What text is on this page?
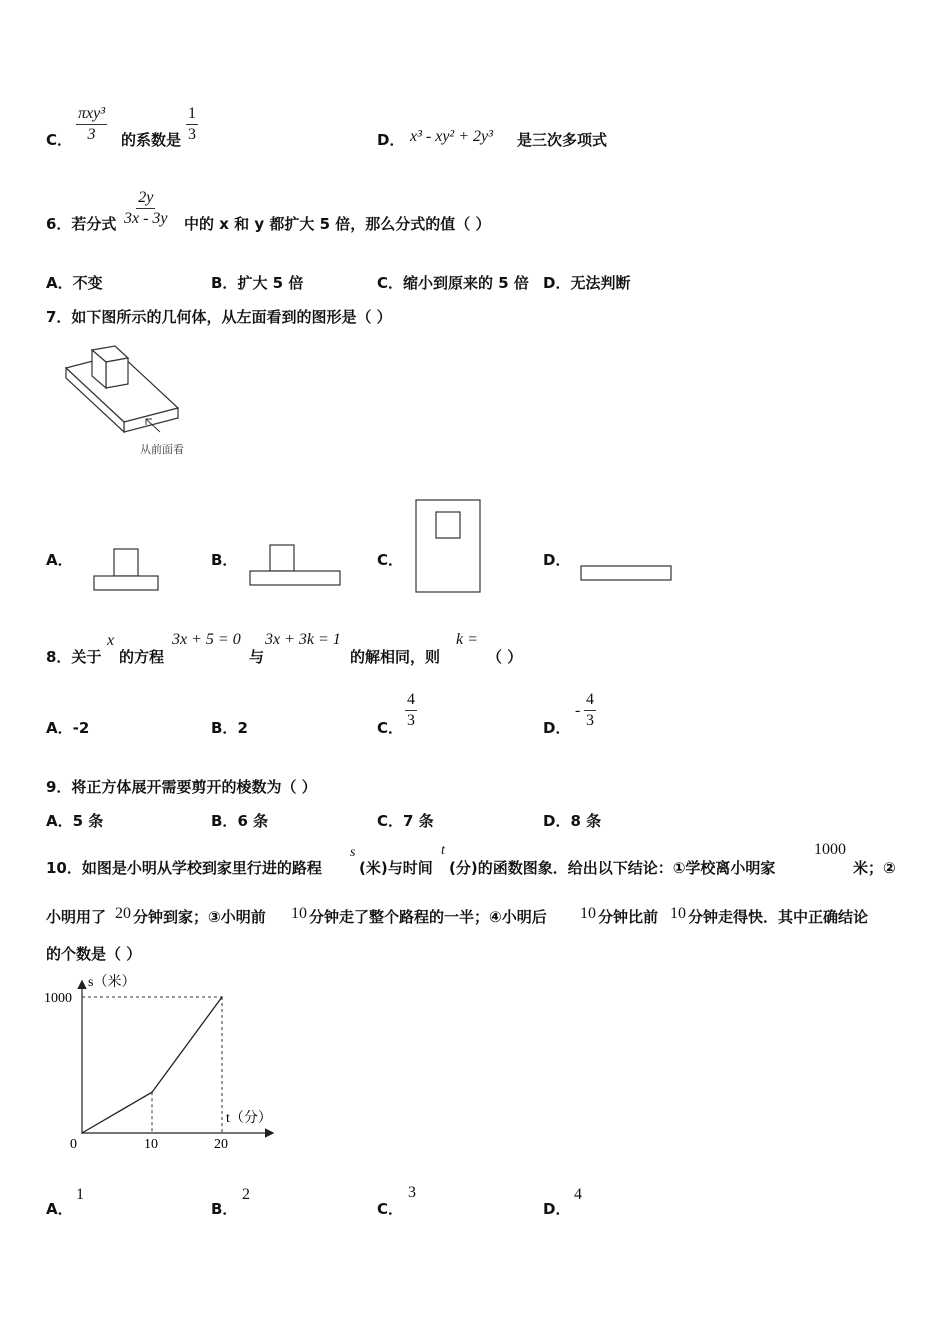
C． $\frac{\text{πxy³}}{3}$ 的系数是 $\frac{1}{3}$	D． x³ - xy² + 2y³ 是三次多项式
6．若分式 $\frac{2y}{3x - 3y}$ 中的 x 和 y 都扩大 5 倍，那么分式的值（ ）
A．不变	B．扩大 5 倍	C．缩小到原来的 5 倍 D．无法判断
7．如下图所示的几何体，从左面看到的图形是（ ）
从前面看
A．	B．	C．	D．
8．关于
x
的方程
3x + 5 = 0
与
3x + 3k = 1
的解相同，则
k =
（ ）
A．-2	B．2	C． $\frac{4}{3}$	D．
- $\frac{4}{3}$
9．将正方体展开需要剪开的棱数为（ ）
A．5 条	B．6 条	C．7 条	D．8 条
10．如图是小明从学校到家里行进的路程
s
(米)与时间
t
(分)的函数图象．给出以下结论：①学校离小明家
1000
米；②
小明用了 20 分钟到家；③小明前 10 分钟走了整个路程的一半；④小明后 10 分钟比前 10 分钟走得快．其中正确结论
的个数是（ ）
10	20
1000
s（米）
t（分）
0
A．
1
B．
2
C．
3
D．
4
